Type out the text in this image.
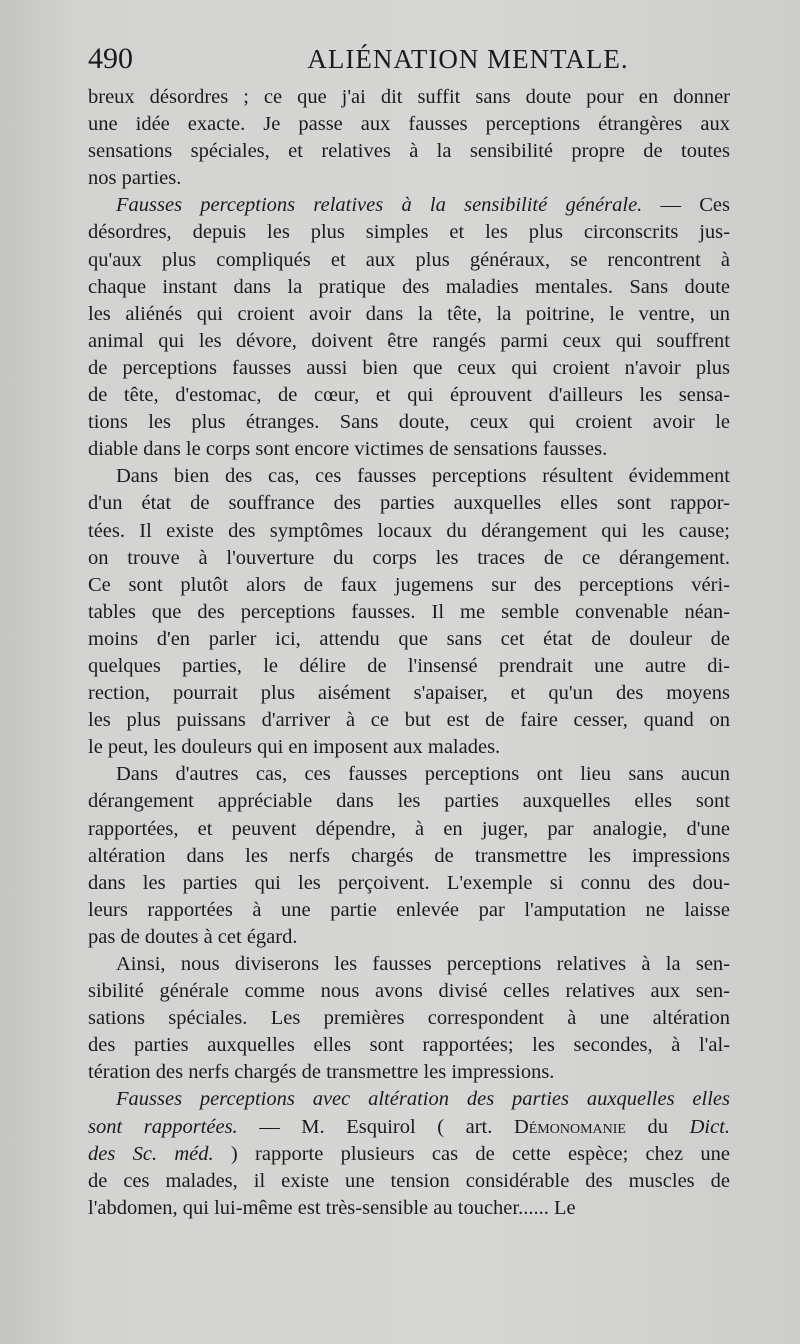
490	ALIÉNATION MENTALE.
breux désordres ; ce que j'ai dit suffit sans doute pour en donner
une idée exacte. Je passe aux fausses perceptions étrangères aux
sensations spéciales, et relatives à la sensibilité propre de toutes
nos parties.
Fausses perceptions relatives à la sensibilité générale. — Ces
désordres, depuis les plus simples et les plus circonscrits jus-
qu'aux plus compliqués et aux plus généraux, se rencontrent à
chaque instant dans la pratique des maladies mentales. Sans doute
les aliénés qui croient avoir dans la tête, la poitrine, le ventre, un
animal qui les dévore, doivent être rangés parmi ceux qui souffrent
de perceptions fausses aussi bien que ceux qui croient n'avoir plus
de tête, d'estomac, de cœur, et qui éprouvent d'ailleurs les sensa-
tions les plus étranges. Sans doute, ceux qui croient avoir le
diable dans le corps sont encore victimes de sensations fausses.
Dans bien des cas, ces fausses perceptions résultent évidemment
d'un état de souffrance des parties auxquelles elles sont rappor-
tées. Il existe des symptômes locaux du dérangement qui les cause;
on trouve à l'ouverture du corps les traces de ce dérangement.
Ce sont plutôt alors de faux jugemens sur des perceptions véri-
tables que des perceptions fausses. Il me semble convenable néan-
moins d'en parler ici, attendu que sans cet état de douleur de
quelques parties, le délire de l'insensé prendrait une autre di-
rection, pourrait plus aisément s'apaiser, et qu'un des moyens
les plus puissans d'arriver à ce but est de faire cesser, quand on
le peut, les douleurs qui en imposent aux malades.
Dans d'autres cas, ces fausses perceptions ont lieu sans aucun
dérangement appréciable dans les parties auxquelles elles sont
rapportées, et peuvent dépendre, à en juger, par analogie, d'une
altération dans les nerfs chargés de transmettre les impressions
dans les parties qui les perçoivent. L'exemple si connu des dou-
leurs rapportées à une partie enlevée par l'amputation ne laisse
pas de doutes à cet égard.
Ainsi, nous diviserons les fausses perceptions relatives à la sen-
sibilité générale comme nous avons divisé celles relatives aux sen-
sations spéciales. Les premières correspondent à une altération
des parties auxquelles elles sont rapportées; les secondes, à l'al-
tération des nerfs chargés de transmettre les impressions.
Fausses perceptions avec altération des parties auxquelles elles
sont rapportées. — M. Esquirol ( art. Démonomanie du Dict.
des Sc. méd. ) rapporte plusieurs cas de cette espèce; chez une
de ces malades, il existe une tension considérable des muscles de
l'abdomen, qui lui-même est très-sensible au toucher...... Le
